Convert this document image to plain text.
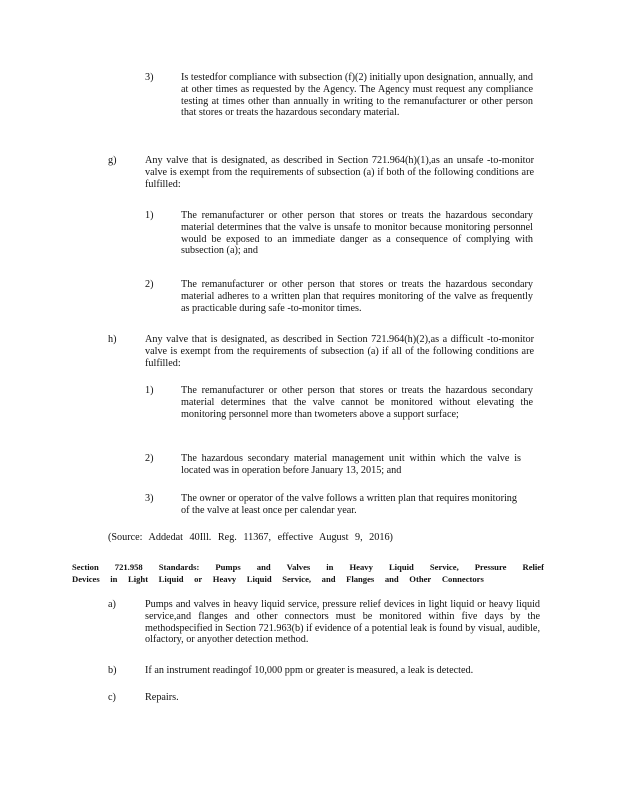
3)	Is testedfor compliance with subsection (f)(2) initially upon designation, annually, and at other times as requested by the Agency. The Agency must request any compliance testing at times other than annually in writing to the remanufacturer or other person that stores or treats the hazardous secondary material.
g)	Any valve that is designated, as described in Section 721.964(h)(1),as an unsafe -to-monitor valve is exempt from the requirements of subsection (a) if both of the following conditions are fulfilled:
1)	The remanufacturer or other person that stores or treats the hazardous secondary material determines that the valve is unsafe to monitor because monitoring personnel would be exposed to an immediate danger as a consequence of complying with subsection (a); and
2)	The remanufacturer or other person that stores or treats the hazardous secondary material adheres to a written plan that requires monitoring of the valve as frequently as practicable during safe -to-monitor times.
h)	Any valve that is designated, as described in Section 721.964(h)(2),as a difficult -to-monitor valve is exempt from the requirements of subsection (a) if all of the following conditions are fulfilled:
1)	The remanufacturer or other person that stores or treats the hazardous secondary material determines that the valve cannot be monitored without elevating the monitoring personnel more than twometers above a support surface;
2)	The hazardous secondary material management unit within which the valve is located was in operation before January 13, 2015; and
3)	The owner or operator of the valve follows a written plan that requires monitoring of the valve at least once per calendar year.
(Source: Addedat 40Ill. Reg. 11367, effective August 9, 2016)
Section 721.958 Standards: Pumps and Valves in Heavy Liquid Service, Pressure Relief
Devices in Light Liquid or Heavy Liquid Service, and Flanges and Other Connectors
a)	Pumps and valves in heavy liquid service, pressure relief devices in light liquid or heavy liquid service,and flanges and other connectors must be monitored within five days by the methodspecified in Section 721.963(b) if evidence of a potential leak is found by visual, audible, olfactory, or anyother detection method.
b)	If an instrument readingof 10,000 ppm or greater is measured, a leak is detected.
c)	Repairs.
